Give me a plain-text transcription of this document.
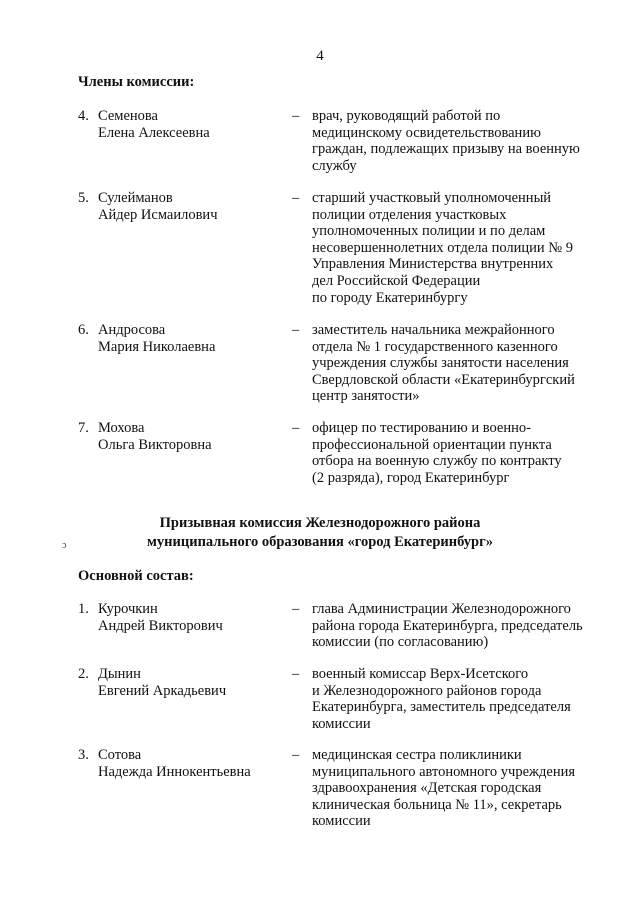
4
Члены комиссии:
4. Семенова
Елена Алексеевна
– врач, руководящий работой по
медицинскому освидетельствованию
граждан, подлежащих призыву на военную
службу
5. Сулейманов
Айдер Исмаилович
– старший участковый уполномоченный
полиции отделения участковых
уполномоченных полиции и по делам
несовершеннолетних отдела полиции № 9
Управления Министерства внутренних
дел Российской Федерации
по городу Екатеринбургу
6. Андросова
Мария Николаевна
– заместитель начальника межрайонного
отдела № 1 государственного казенного
учреждения службы занятости населения
Свердловской области «Екатеринбургский
центр занятости»
7. Мохова
Ольга Викторовна
– офицер по тестированию и военно-
профессиональной ориентации пункта
отбора на военную службу по контракту
(2 разряда), город Екатеринбург
Призывная комиссия Железнодорожного района
муниципального образования «город Екатеринбург»
ɔ
Основной состав:
1. Курочкин
Андрей Викторович
– глава Администрации Железнодорожного
района города Екатеринбурга, председатель
комиссии (по согласованию)
2. Дынин
Евгений Аркадьевич
– военный комиссар Верх-Исетского
и Железнодорожного районов города
Екатеринбурга, заместитель председателя
комиссии
3. Сотова
Надежда Иннокентьевна
– медицинская сестра поликлиники
муниципального автономного учреждения
здравоохранения «Детская городская
клиническая больница № 11», секретарь
комиссии
